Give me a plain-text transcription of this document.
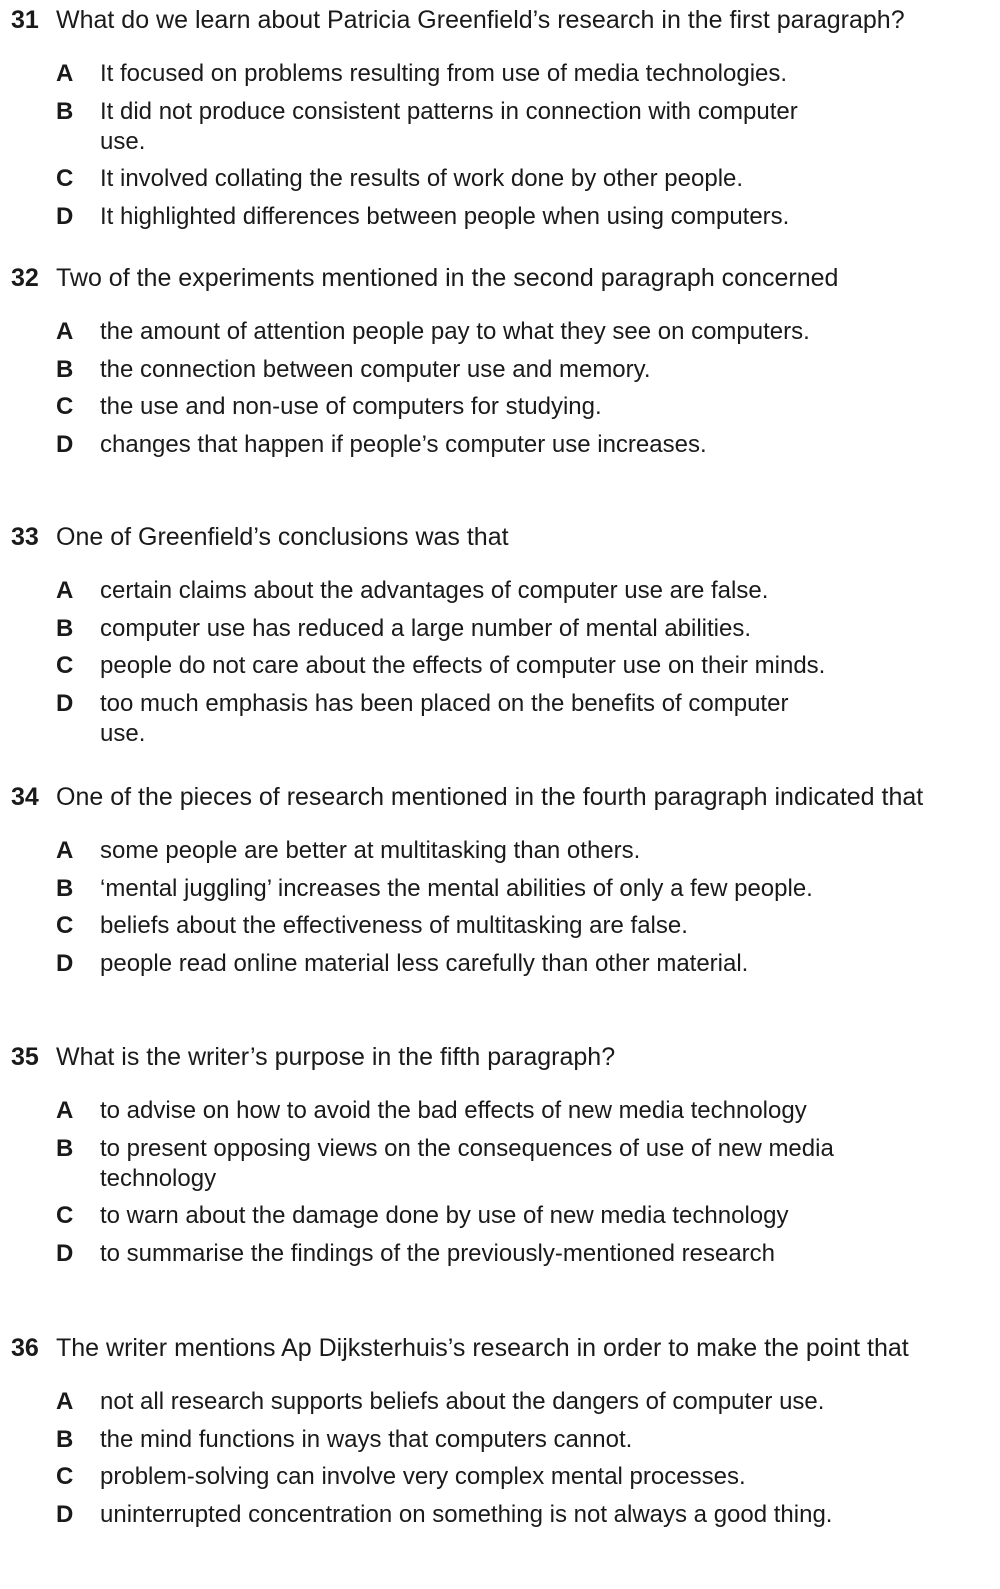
31 What do we learn about Patricia Greenfield’s research in the first paragraph?
A It focused on problems resulting from use of media technologies.
B It did not produce consistent patterns in connection with computer use.
C It involved collating the results of work done by other people.
D It highlighted differences between people when using computers.
32 Two of the experiments mentioned in the second paragraph concerned
A the amount of attention people pay to what they see on computers.
B the connection between computer use and memory.
C the use and non-use of computers for studying.
D changes that happen if people’s computer use increases.
33 One of Greenfield’s conclusions was that
A certain claims about the advantages of computer use are false.
B computer use has reduced a large number of mental abilities.
C people do not care about the effects of computer use on their minds.
D too much emphasis has been placed on the benefits of computer use.
34 One of the pieces of research mentioned in the fourth paragraph indicated that
A some people are better at multitasking than others.
B ‘mental juggling’ increases the mental abilities of only a few people.
C beliefs about the effectiveness of multitasking are false.
D people read online material less carefully than other material.
35 What is the writer’s purpose in the fifth paragraph?
A to advise on how to avoid the bad effects of new media technology
B to present opposing views on the consequences of use of new media technology
C to warn about the damage done by use of new media technology
D to summarise the findings of the previously-mentioned research
36 The writer mentions Ap Dijksterhuis’s research in order to make the point that
A not all research supports beliefs about the dangers of computer use.
B the mind functions in ways that computers cannot.
C problem-solving can involve very complex mental processes.
D uninterrupted concentration on something is not always a good thing.
